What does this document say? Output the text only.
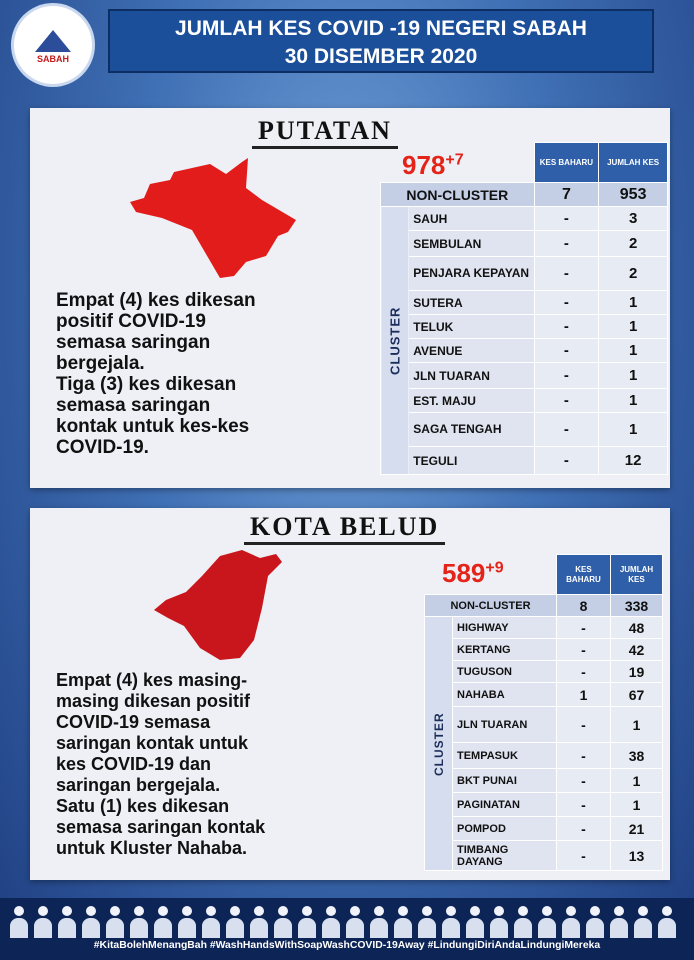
SABAH
JUMLAH KES COVID -19 NEGERI SABAH
30 DISEMBER 2020
PUTATAN
$978^{+7}$
Empat (4) kes dikesan
positif COVID-19
semasa saringan
bergejala.
Tiga (3) kes dikesan
semasa saringan
kontak untuk kes-kes
COVID-19.
		KES BAHARU	JUMLAH KES
NON-CLUSTER		7	953
CLUSTER	SAUH	-	3
	SEMBULAN	-	2
	PENJARA KEPAYAN	-	2
	SUTERA	-	1
	TELUK	-	1
	AVENUE	-	1
	JLN TUARAN	-	1
	EST. MAJU	-	1
	SAGA TENGAH	-	1
	TEGULI	-	12
KOTA BELUD
$589^{+9}$
Empat (4) kes masing-
masing dikesan positif
COVID-19 semasa
saringan kontak untuk
kes COVID-19 dan
saringan bergejala.
Satu (1) kes dikesan
semasa saringan kontak
untuk Kluster Nahaba.
		KES BAHARU	JUMLAH KES
NON-CLUSTER		8	338
CLUSTER	HIGHWAY	-	48
	KERTANG	-	42
	TUGUSON	-	19
	NAHABA	1	67
	JLN TUARAN	-	1
	TEMPASUK	-	38
	BKT PUNAI	-	1
	PAGINATAN	-	1
	POMPOD	-	21
	TIMBANG DAYANG	-	13
#KitaBolehMenangBah #WashHandsWithSoapWashCOVID-19Away #LindungiDiriAndaLindungiMereka
